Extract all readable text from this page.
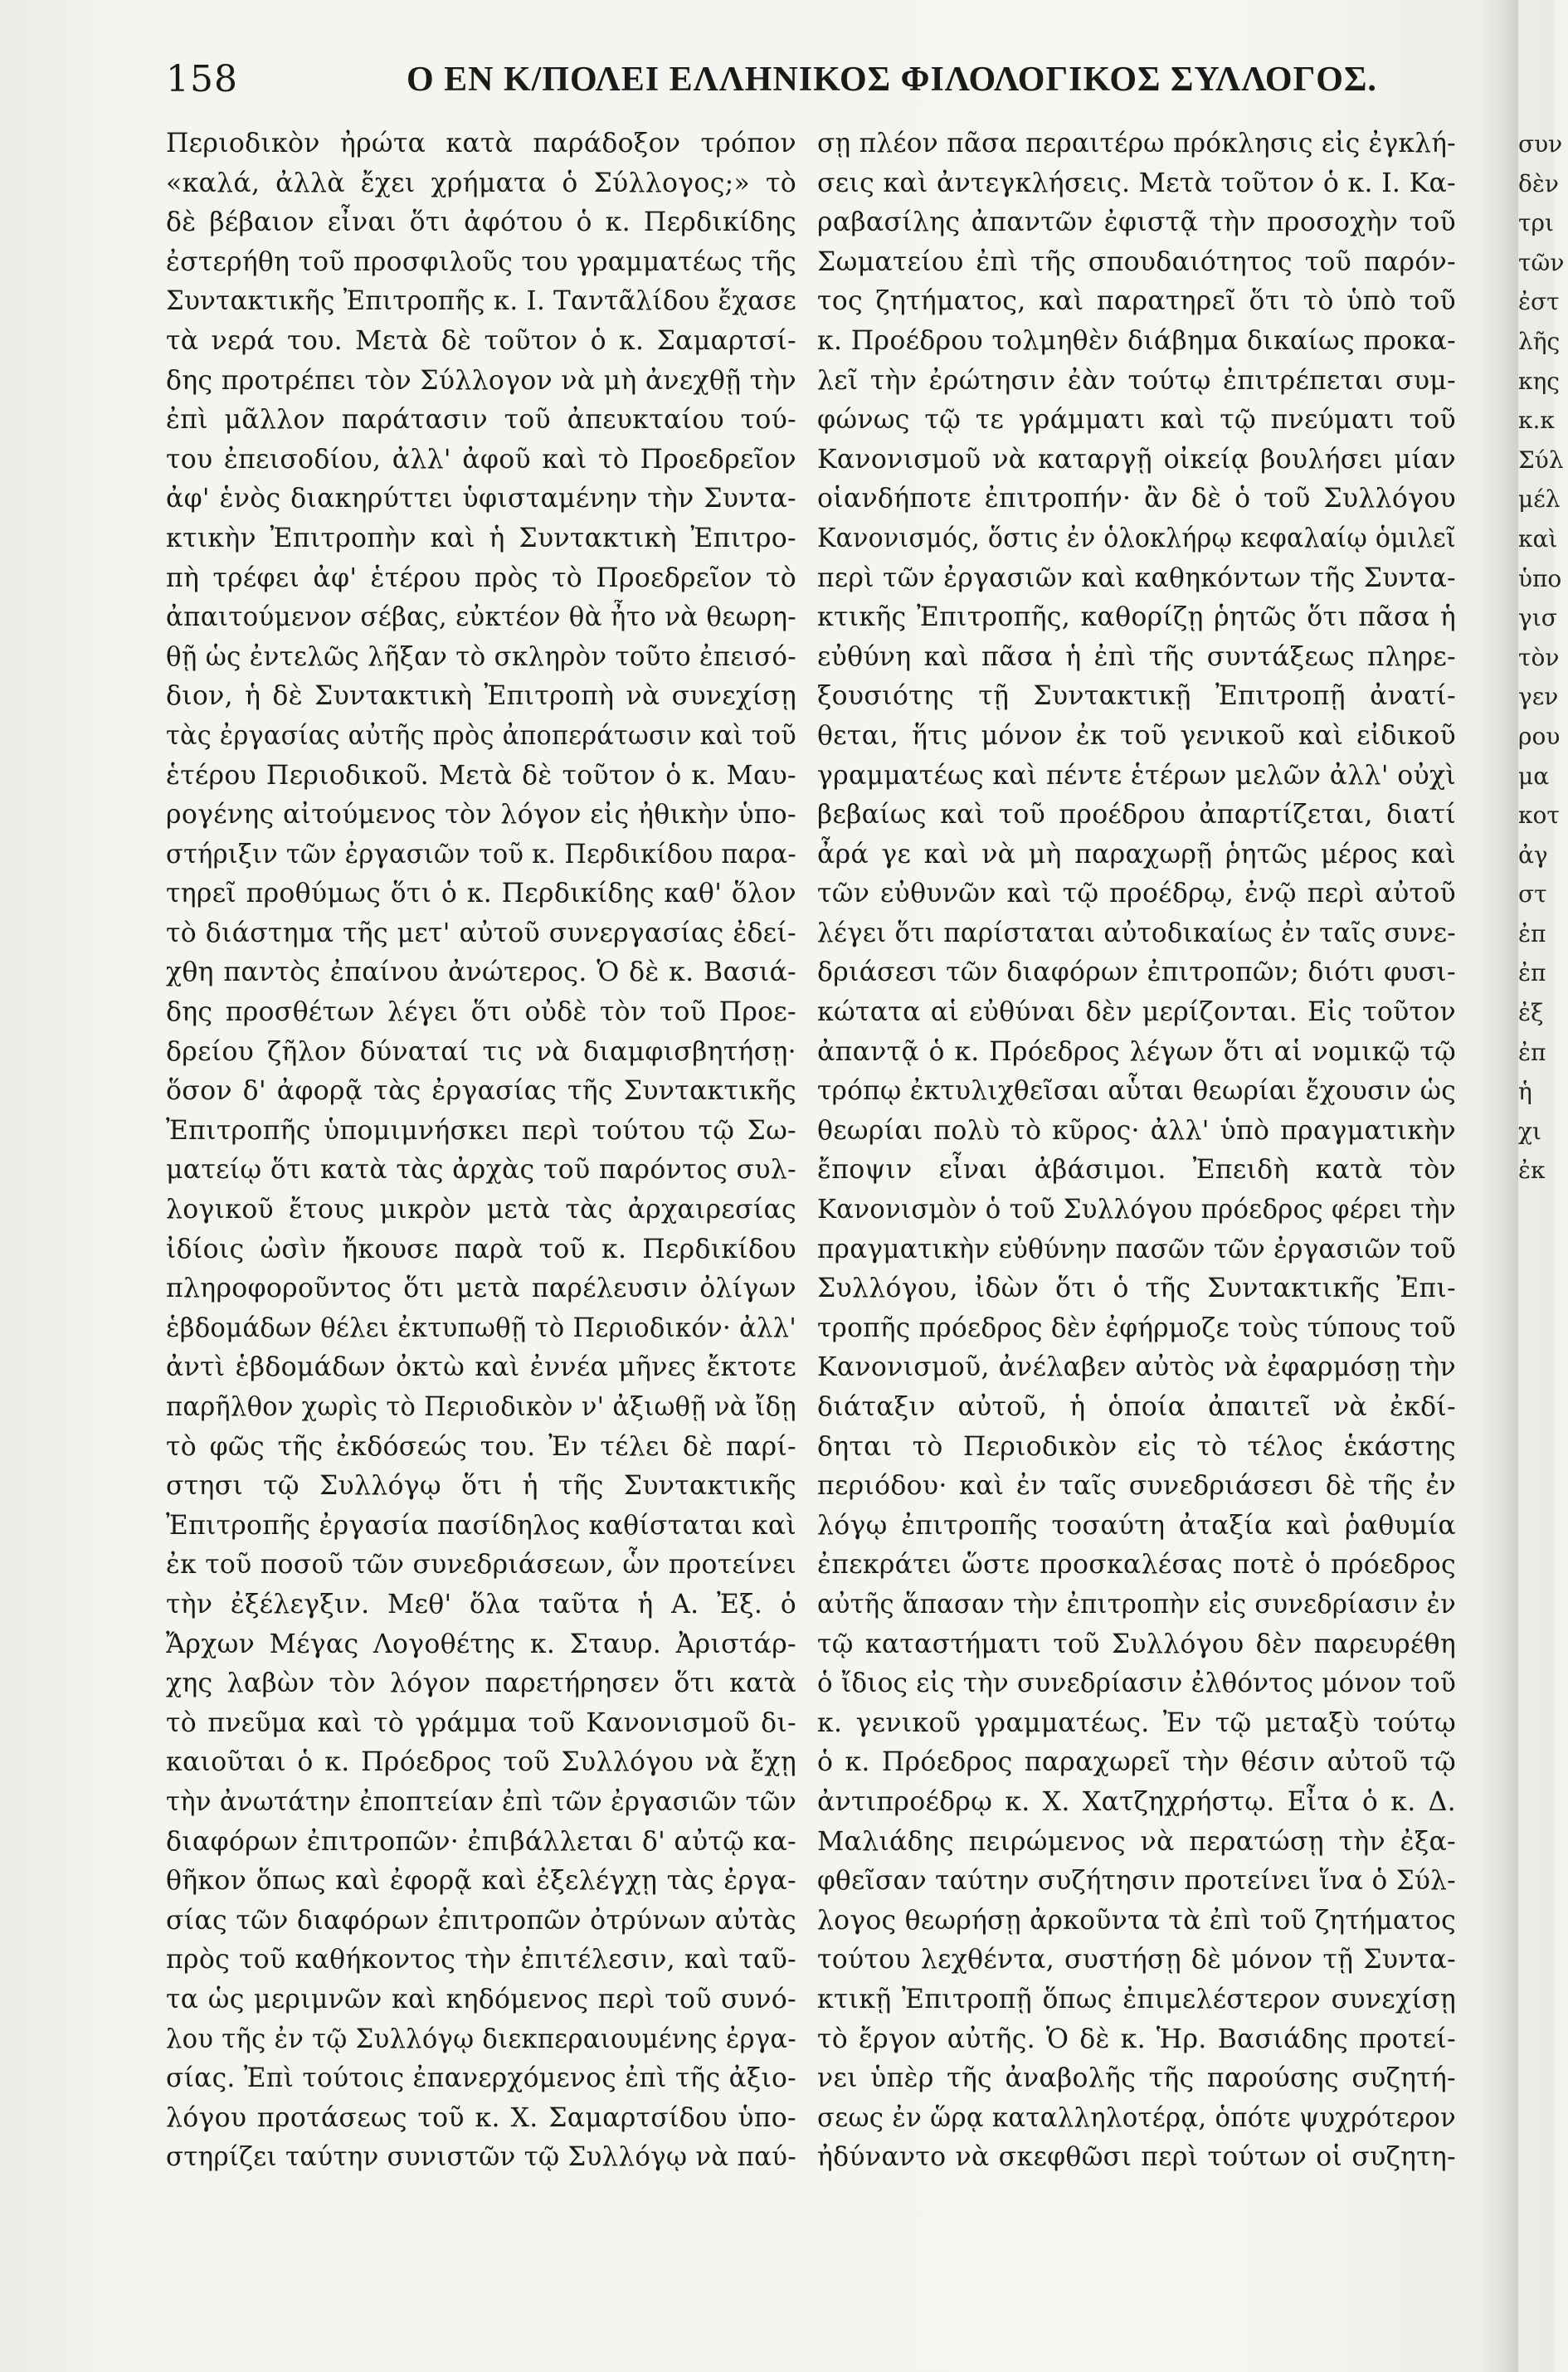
158	Ο ΕΝ Κ/ΠΟΛΕΙ ΕΛΛΗΝΙΚΟΣ ΦΙΛΟΛΟΓΙΚΟΣ ΣΥΛΛΟΓΟΣ.
Περιοδικὸν ἠρώτα κατὰ παράδοξον τρόπον
«καλά, ἀλλὰ ἔχει χρήματα ὁ Σύλλογος;» τὸ
δὲ βέβαιον εἶναι ὅτι ἀφότου ὁ κ. Περδικίδης
ἐστερήθη τοῦ προσφιλοῦς του γραμματέως τῆς
Συντακτικῆς Ἐπιτροπῆς κ. Ι. Ταντᾶλίδου ἔχασε
τὰ νερά του. Μετὰ δὲ τοῦτον ὁ κ. Σαμαρτσί-
δης προτρέπει τὸν Σύλλογον νὰ μὴ ἀνεχθῇ τὴν
ἐπὶ μᾶλλον παράτασιν τοῦ ἀπευκταίου τού-
του ἐπεισοδίου, ἀλλ' ἀφοῦ καὶ τὸ Προεδρεῖον
ἀφ' ἑνὸς διακηρύττει ὑφισταμένην τὴν Συντα-
κτικὴν Ἐπιτροπὴν καὶ ἡ Συντακτικὴ Ἐπιτρο-
πὴ τρέφει ἀφ' ἑτέρου πρὸς τὸ Προεδρεῖον τὸ
ἀπαιτούμενον σέβας, εὐκτέον θὰ ἦτο νὰ θεωρη-
θῇ ὡς ἐντελῶς λῆξαν τὸ σκληρὸν τοῦτο ἐπεισό-
διον, ἡ δὲ Συντακτικὴ Ἐπιτροπὴ νὰ συνεχίσῃ
τὰς ἐργασίας αὐτῆς πρὸς ἀποπεράτωσιν καὶ τοῦ
ἑτέρου Περιοδικοῦ. Μετὰ δὲ τοῦτον ὁ κ. Μαυ-
ρογένης αἰτούμενος τὸν λόγον εἰς ἠθικὴν ὑπο-
στήριξιν τῶν ἐργασιῶν τοῦ κ. Περδικίδου παρα-
τηρεῖ προθύμως ὅτι ὁ κ. Περδικίδης καθ' ὅλον
τὸ διάστημα τῆς μετ' αὐτοῦ συνεργασίας ἐδεί-
χθη παντὸς ἐπαίνου ἀνώτερος. Ὁ δὲ κ. Βασιά-
δης προσθέτων λέγει ὅτι οὐδὲ τὸν τοῦ Προε-
δρείου ζῆλον δύναταί τις νὰ διαμφισβητήσῃ·
ὅσον δ' ἀφορᾷ τὰς ἐργασίας τῆς Συντακτικῆς
Ἐπιτροπῆς ὑπομιμνήσκει περὶ τούτου τῷ Σω-
ματείῳ ὅτι κατὰ τὰς ἀρχὰς τοῦ παρόντος συλ-
λογικοῦ ἔτους μικρὸν μετὰ τὰς ἀρχαιρεσίας
ἰδίοις ὠσὶν ἤκουσε παρὰ τοῦ κ. Περδικίδου
πληροφοροῦντος ὅτι μετὰ παρέλευσιν ὀλίγων
ἑβδομάδων θέλει ἐκτυπωθῇ τὸ Περιοδικόν· ἀλλ'
ἀντὶ ἑβδομάδων ὀκτὼ καὶ ἐννέα μῆνες ἔκτοτε
παρῆλθον χωρὶς τὸ Περιοδικὸν ν' ἀξιωθῇ νὰ ἴδῃ
τὸ φῶς τῆς ἐκδόσεώς του. Ἐν τέλει δὲ παρί-
στησι τῷ Συλλόγῳ ὅτι ἡ τῆς Συντακτικῆς
Ἐπιτροπῆς ἐργασία πασίδηλος καθίσταται καὶ
ἐκ τοῦ ποσοῦ τῶν συνεδριάσεων, ὧν προτείνει
τὴν ἐξέλεγξιν. Μεθ' ὅλα ταῦτα ἡ Α. Ἐξ. ὁ
Ἄρχων Μέγας Λογοθέτης κ. Σταυρ. Ἀριστάρ-
χης λαβὼν τὸν λόγον παρετήρησεν ὅτι κατὰ
τὸ πνεῦμα καὶ τὸ γράμμα τοῦ Κανονισμοῦ δι-
καιοῦται ὁ κ. Πρόεδρος τοῦ Συλλόγου νὰ ἔχῃ
τὴν ἀνωτάτην ἐποπτείαν ἐπὶ τῶν ἐργασιῶν τῶν
διαφόρων ἐπιτροπῶν· ἐπιβάλλεται δ' αὐτῷ κα-
θῆκον ὅπως καὶ ἐφορᾷ καὶ ἐξελέγχῃ τὰς ἐργα-
σίας τῶν διαφόρων ἐπιτροπῶν ὀτρύνων αὐτὰς
πρὸς τοῦ καθήκοντος τὴν ἐπιτέλεσιν, καὶ ταῦ-
τα ὡς μεριμνῶν καὶ κηδόμενος περὶ τοῦ συνό-
λου τῆς ἐν τῷ Συλλόγῳ διεκπεραιουμένης ἐργα-
σίας. Ἐπὶ τούτοις ἐπανερχόμενος ἐπὶ τῆς ἀξιο-
λόγου προτάσεως τοῦ κ. Χ. Σαμαρτσίδου ὑπο-
στηρίζει ταύτην συνιστῶν τῷ Συλλόγῳ νὰ παύ-
σῃ πλέον πᾶσα περαιτέρω πρόκλησις εἰς ἐγκλή-
σεις καὶ ἀντεγκλήσεις. Μετὰ τοῦτον ὁ κ. Ι. Κα-
ραβασίλης ἀπαντῶν ἐφιστᾷ τὴν προσοχὴν τοῦ
Σωματείου ἐπὶ τῆς σπουδαιότητος τοῦ παρόν-
τος ζητήματος, καὶ παρατηρεῖ ὅτι τὸ ὑπὸ τοῦ
κ. Προέδρου τολμηθὲν διάβημα δικαίως προκα-
λεῖ τὴν ἐρώτησιν ἐὰν τούτῳ ἐπιτρέπεται συμ-
φώνως τῷ τε γράμματι καὶ τῷ πνεύματι τοῦ
Κανονισμοῦ νὰ καταργῇ οἰκείᾳ βουλήσει μίαν
οἱανδήποτε ἐπιτροπήν· ἂν δὲ ὁ τοῦ Συλλόγου
Κανονισμός, ὅστις ἐν ὁλοκλήρῳ κεφαλαίῳ ὁμιλεῖ
περὶ τῶν ἐργασιῶν καὶ καθηκόντων τῆς Συντα-
κτικῆς Ἐπιτροπῆς, καθορίζῃ ῥητῶς ὅτι πᾶσα ἡ
εὐθύνη καὶ πᾶσα ἡ ἐπὶ τῆς συντάξεως πληρε-
ξουσιότης τῇ Συντακτικῇ Ἐπιτροπῇ ἀνατί-
θεται, ἥτις μόνον ἐκ τοῦ γενικοῦ καὶ εἰδικοῦ
γραμματέως καὶ πέντε ἑτέρων μελῶν ἀλλ' οὐχὶ
βεβαίως καὶ τοῦ προέδρου ἀπαρτίζεται, διατί
ἆρά γε καὶ νὰ μὴ παραχωρῇ ῥητῶς μέρος καὶ
τῶν εὐθυνῶν καὶ τῷ προέδρῳ, ἐνῷ περὶ αὐτοῦ
λέγει ὅτι παρίσταται αὐτοδικαίως ἐν ταῖς συνε-
δριάσεσι τῶν διαφόρων ἐπιτροπῶν; διότι φυσι-
κώτατα αἱ εὐθύναι δὲν μερίζονται. Εἰς τοῦτον
ἀπαντᾷ ὁ κ. Πρόεδρος λέγων ὅτι αἱ νομικῷ τῷ
τρόπῳ ἐκτυλιχθεῖσαι αὗται θεωρίαι ἔχουσιν ὡς
θεωρίαι πολὺ τὸ κῦρος· ἀλλ' ὑπὸ πραγματικὴν
ἔποψιν εἶναι ἀβάσιμοι. Ἐπειδὴ κατὰ τὸν
Κανονισμὸν ὁ τοῦ Συλλόγου πρόεδρος φέρει τὴν
πραγματικὴν εὐθύνην πασῶν τῶν ἐργασιῶν τοῦ
Συλλόγου, ἰδὼν ὅτι ὁ τῆς Συντακτικῆς Ἐπι-
τροπῆς πρόεδρος δὲν ἐφήρμοζε τοὺς τύπους τοῦ
Κανονισμοῦ, ἀνέλαβεν αὐτὸς νὰ ἐφαρμόσῃ τὴν
διάταξιν αὐτοῦ, ἡ ὁποία ἀπαιτεῖ νὰ ἐκδί-
δηται τὸ Περιοδικὸν εἰς τὸ τέλος ἑκάστης
περιόδου· καὶ ἐν ταῖς συνεδριάσεσι δὲ τῆς ἐν
λόγῳ ἐπιτροπῆς τοσαύτη ἀταξία καὶ ῥαθυμία
ἐπεκράτει ὥστε προσκαλέσας ποτὲ ὁ πρόεδρος
αὐτῆς ἅπασαν τὴν ἐπιτροπὴν εἰς συνεδρίασιν ἐν
τῷ καταστήματι τοῦ Συλλόγου δὲν παρευρέθη
ὁ ἴδιος εἰς τὴν συνεδρίασιν ἐλθόντος μόνον τοῦ
κ. γενικοῦ γραμματέως. Ἐν τῷ μεταξὺ τούτῳ
ὁ κ. Πρόεδρος παραχωρεῖ τὴν θέσιν αὐτοῦ τῷ
ἀντιπροέδρῳ κ. Χ. Χατζηχρήστῳ. Εἶτα ὁ κ. Δ.
Μαλιάδης πειρώμενος νὰ περατώσῃ τὴν ἐξα-
φθεῖσαν ταύτην συζήτησιν προτείνει ἵνα ὁ Σύλ-
λογος θεωρήσῃ ἀρκοῦντα τὰ ἐπὶ τοῦ ζητήματος
τούτου λεχθέντα, συστήσῃ δὲ μόνον τῇ Συντα-
κτικῇ Ἐπιτροπῇ ὅπως ἐπιμελέστερον συνεχίσῃ
τὸ ἔργον αὐτῆς. Ὁ δὲ κ. Ἡρ. Βασιάδης προτεί-
νει ὑπὲρ τῆς ἀναβολῆς τῆς παρούσης συζητή-
σεως ἐν ὥρᾳ καταλληλοτέρᾳ, ὁπότε ψυχρότερον
ἠδύναντο νὰ σκεφθῶσι περὶ τούτων οἱ συζητη-
συν
δὲν
τρι
τῶν
ἐστ
λῆς
κης
κ.κ
Σύλ
μέλ
καὶ
ὑπο
γισ
τὸν
γεν
ρου
μα
κοτ
ἀγ
στ
ἐπ
ἐπ
ἐξ
ἐπ
ἡ
χι
ἐκ
